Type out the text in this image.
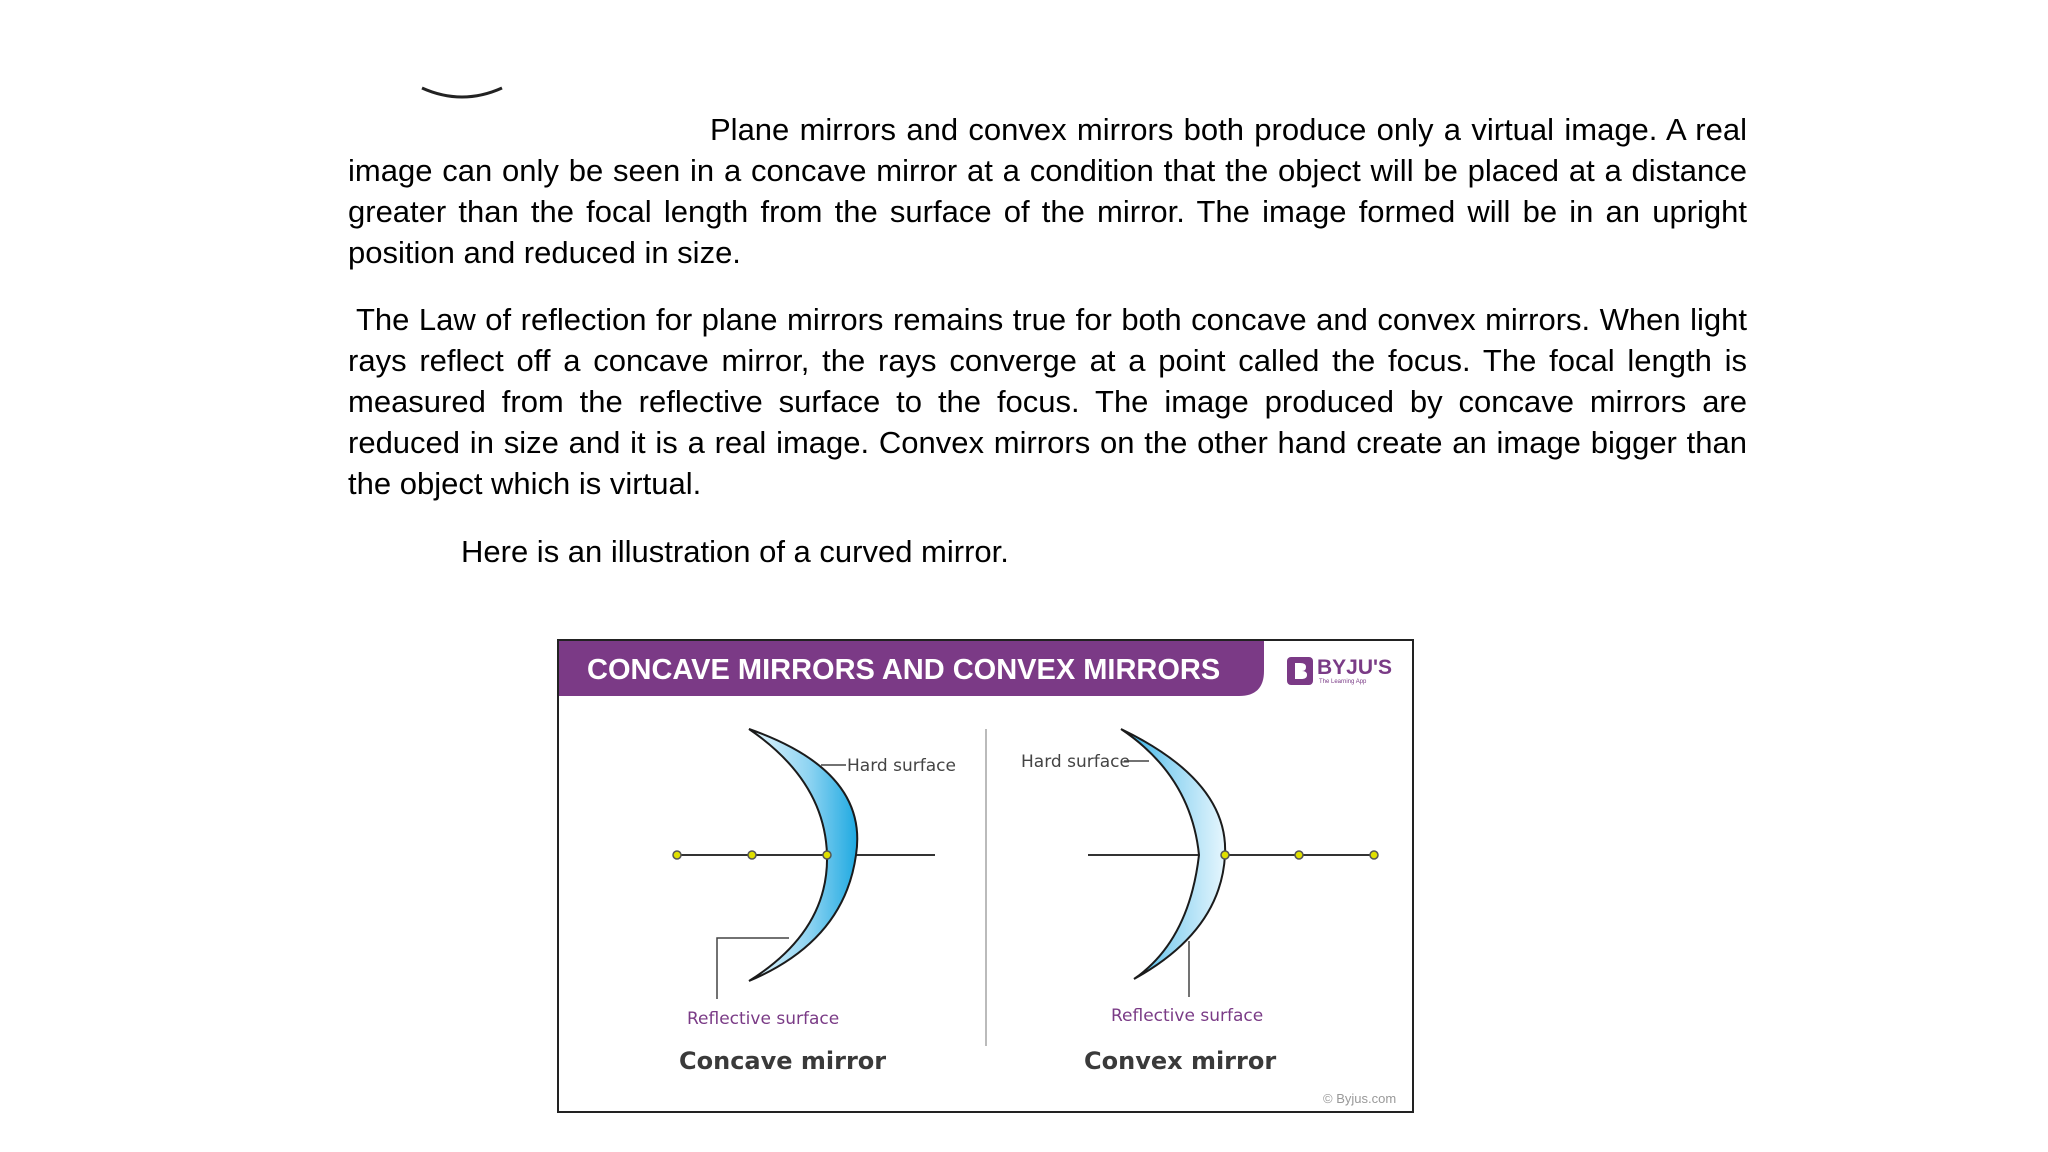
Plane mirrors and convex mirrors both produce only a virtual image. A real image can only be seen in a concave mirror at a condition that the object will be placed at a distance greater than the focal length from the surface of the mirror. The image formed will be in an upright position and reduced in size.
The Law of reflection for plane mirrors remains true for both concave and convex mirrors. When light rays reflect off a concave mirror, the rays converge at a point called the focus. The focal length is measured from the reflective surface to the focus. The image produced by concave mirrors are reduced in size and it is a real image. Convex mirrors on the other hand create an image bigger than the object which is virtual.
Here is an illustration of a curved mirror.
CONCAVE MIRRORS AND CONVEX MIRRORS	BYJU'S
The Learning App
Hard surface
Reflective surface
Concave mirror
Hard surface
Reflective surface
Convex mirror
© Byjus.com
